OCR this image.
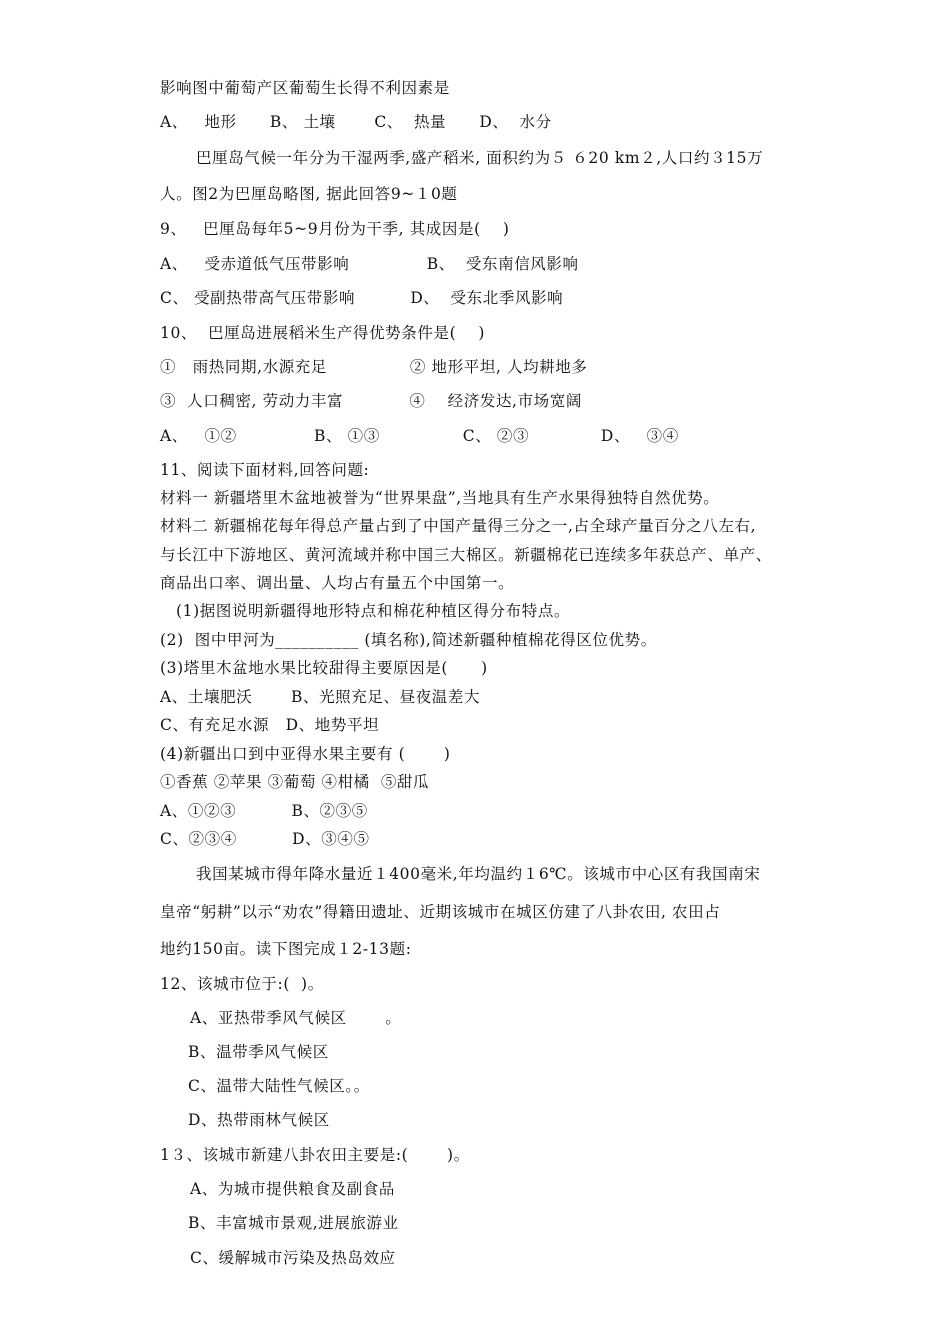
影响图中葡萄产区葡萄生长得不利因素是
A、   地形      B、 土壤       C、  热量      D、  水分
巴厘岛气候一年分为干湿两季,盛产稻米, 面积约为５ ６20 km２,人口约３15万
人。图2为巴厘岛略图, 据此回答9~１0题
9、   巴厘岛每年5~9月份为干季, 其成因是(    )
A、   受赤道低气压带影响              B、  受东南信风影响
C、 受副热带高气压带影响          D、  受东北季风影响
10、  巴厘岛进展稻米生产得优势条件是(    )
①   雨热同期,水源充足               ② 地形平坦, 人均耕地多
③  人口稠密, 劳动力丰富            ④    经济发达,市场宽阔
A、   ①②              B、 ①③               C、 ②③             D、   ③④
11、阅读下面材料,回答问题:
材料一 新疆塔里木盆地被誉为“世界果盘”,当地具有生产水果得独特自然优势。
材料二 新疆棉花每年得总产量占到了中国产量得三分之一,占全球产量百分之八左右,
与长江中下游地区、黄河流域并称中国三大棉区。新疆棉花已连续多年获总产、单产、
商品出口率、调出量、人均占有量五个中国第一。
(1)据图说明新疆得地形特点和棉花种植区得分布特点。
(2)  图中甲河为__________ (填名称),简述新疆种植棉花得区位优势。
(3)塔里木盆地水果比较甜得主要原因是(      )
A、土壤肥沃       B、光照充足、昼夜温差大
C、有充足水源   D、地势平坦
(4)新疆出口到中亚得水果主要有 (       )
①香蕉 ②苹果 ③葡萄 ④柑橘  ⑤甜瓜
A、①②③          B、②③⑤
C、②③④          D、③④⑤
我国某城市得年降水量近１400毫米,年均温约１6℃。该城市中心区有我国南宋
皇帝“躬耕”以示“劝农”得籍田遗址、近期该城市在城区仿建了八卦农田, 农田占
地约150亩。读下图完成１2-13题:
12、该城市位于:(  )。
A、亚热带季风气候区       。
B、温带季风气候区
C、温带大陆性气候区。。
D、热带雨林气候区
1３、该城市新建八卦农田主要是:(       )。
A、为城市提供粮食及副食品
B、丰富城市景观,进展旅游业
C、缓解城市污染及热岛效应
